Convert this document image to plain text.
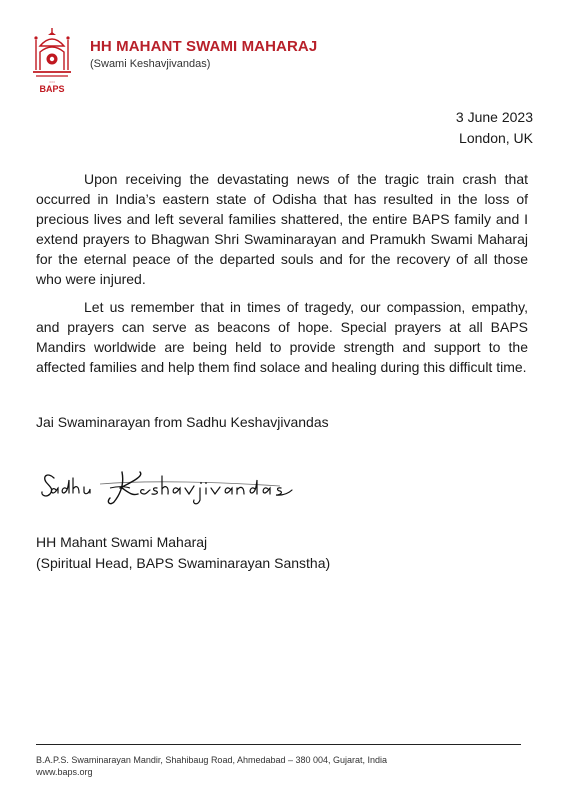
• • •
BAPS
HH MAHANT SWAMI MAHARAJ
(Swami Keshavjivandas)
3 June 2023
London, UK

Upon receiving the devastating news of the tragic train crash that occurred in India’s eastern state of Odisha that has resulted in the loss of precious lives and left several families shattered, the entire BAPS family and I extend prayers to Bhagwan Shri Swaminarayan and Pramukh Swami Maharaj for the eternal peace of the departed souls and for the recovery of all those who were injured.

Let us remember that in times of tragedy, our compassion, empathy, and prayers can serve as beacons of hope. Special prayers at all BAPS Mandirs worldwide are being held to provide strength and support to the affected families and help them find solace and healing during this difficult time.

Jai Swaminarayan from Sadhu Keshavjivandas
HH Mahant Swami Maharaj
(Spiritual Head, BAPS Swaminarayan Sanstha)
B.A.P.S. Swaminarayan Mandir, Shahibaug Road, Ahmedabad – 380 004, Gujarat, India
www.baps.org
